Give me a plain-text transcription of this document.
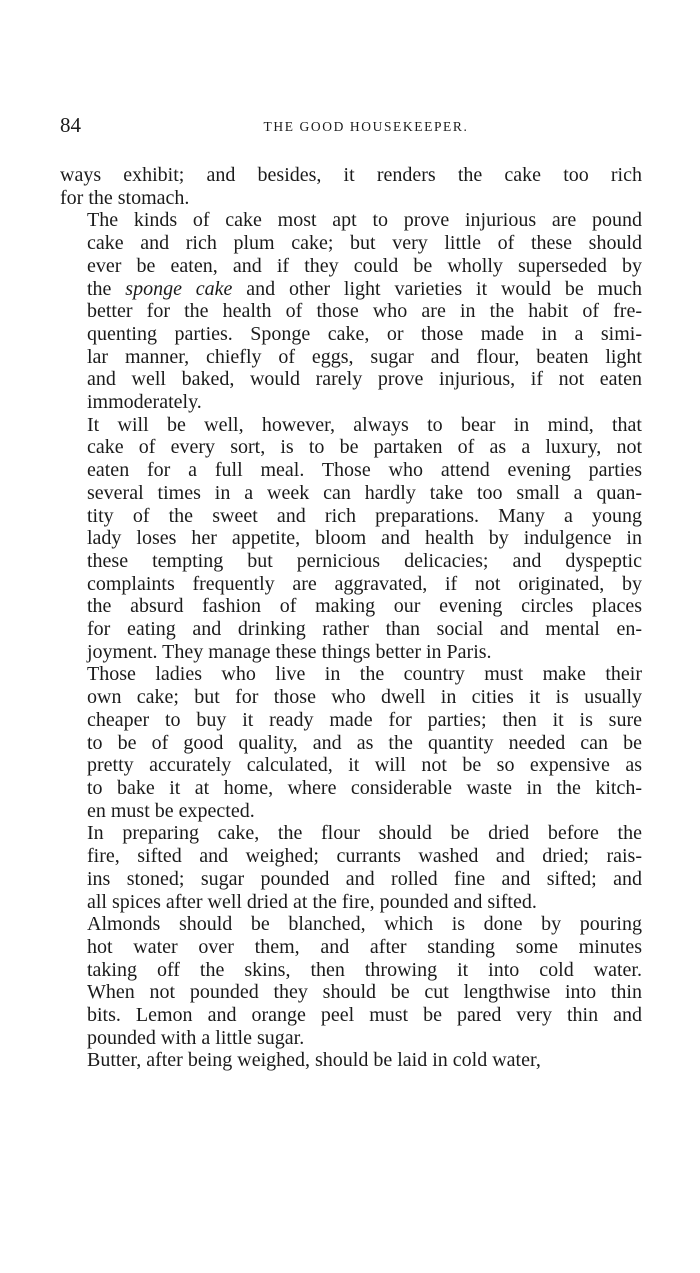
84	THE GOOD HOUSEKEEPER.
ways exhibit; and besides, it renders the cake too rich
for the stomach.
The kinds of cake most apt to prove injurious are pound
cake and rich plum cake; but very little of these should
ever be eaten, and if they could be wholly superseded by
the sponge cake and other light varieties it would be much
better for the health of those who are in the habit of fre-
quenting parties. Sponge cake, or those made in a simi-
lar manner, chiefly of eggs, sugar and flour, beaten light
and well baked, would rarely prove injurious, if not eaten
immoderately.
It will be well, however, always to bear in mind, that
cake of every sort, is to be partaken of as a luxury, not
eaten for a full meal. Those who attend evening parties
several times in a week can hardly take too small a quan-
tity of the sweet and rich preparations. Many a young
lady loses her appetite, bloom and health by indulgence in
these tempting but pernicious delicacies; and dyspeptic
complaints frequently are aggravated, if not originated, by
the absurd fashion of making our evening circles places
for eating and drinking rather than social and mental en-
joyment. They manage these things better in Paris.
Those ladies who live in the country must make their
own cake; but for those who dwell in cities it is usually
cheaper to buy it ready made for parties; then it is sure
to be of good quality, and as the quantity needed can be
pretty accurately calculated, it will not be so expensive as
to bake it at home, where considerable waste in the kitch-
en must be expected.
In preparing cake, the flour should be dried before the
fire, sifted and weighed; currants washed and dried; rais-
ins stoned; sugar pounded and rolled fine and sifted; and
all spices after well dried at the fire, pounded and sifted.
Almonds should be blanched, which is done by pouring
hot water over them, and after standing some minutes
taking off the skins, then throwing it into cold water.
When not pounded they should be cut lengthwise into thin
bits. Lemon and orange peel must be pared very thin and
pounded with a little sugar.
Butter, after being weighed, should be laid in cold water,
